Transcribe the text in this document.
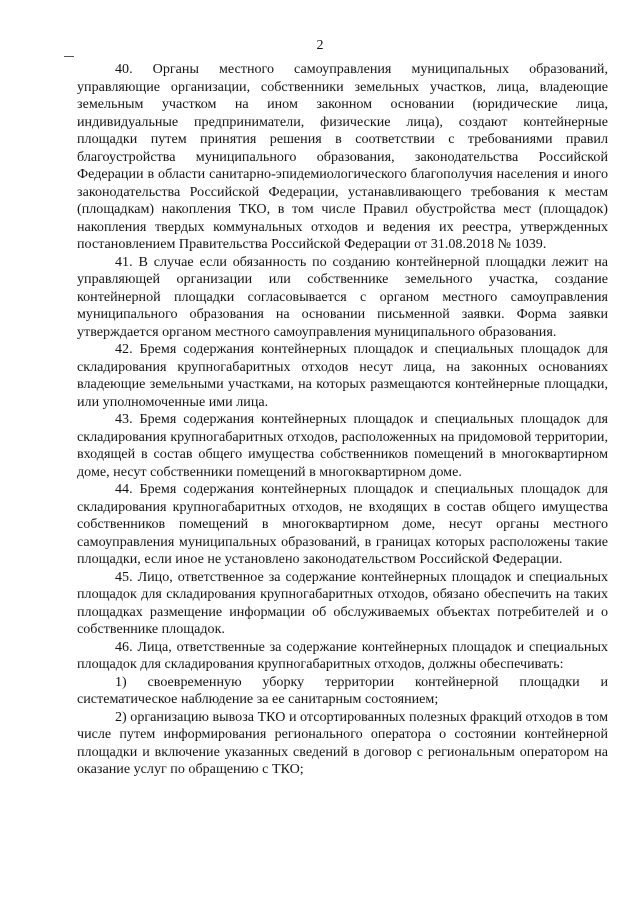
2

40. Органы местного самоуправления муниципальных образований, управляющие организации, собственники земельных участков, лица, владеющие земельным участком на ином законном основании (юридические лица, индивидуальные предприниматели, физические лица), создают контейнерные площадки путем принятия решения в соответствии с требованиями правил благоустройства муниципального образования, законодательства Российской Федерации в области санитарно-эпидемиологического благополучия населения и иного законодательства Российской Федерации, устанавливающего требования к местам (площадкам) накопления ТКО, в том числе Правил обустройства мест (площадок) накопления твердых коммунальных отходов и ведения их реестра, утвержденных постановлением Правительства Российской Федерации от 31.08.2018 № 1039.

41. В случае если обязанность по созданию контейнерной площадки лежит на управляющей организации или собственнике земельного участка, создание контейнерной площадки согласовывается с органом местного самоуправления муниципального образования на основании письменной заявки. Форма заявки утверждается органом местного самоуправления муниципального образования.

42. Бремя содержания контейнерных площадок и специальных площадок для складирования крупногабаритных отходов несут лица, на законных основаниях владеющие земельными участками, на которых размещаются контейнерные площадки, или уполномоченные ими лица.

43. Бремя содержания контейнерных площадок и специальных площадок для складирования крупногабаритных отходов, расположенных на придомовой территории, входящей в состав общего имущества собственников помещений в многоквартирном доме, несут собственники помещений в многоквартирном доме.

44. Бремя содержания контейнерных площадок и специальных площадок для складирования крупногабаритных отходов, не входящих в состав общего имущества собственников помещений в многоквартирном доме, несут органы местного самоуправления муниципальных образований, в границах которых расположены такие площадки, если иное не установлено законодательством Российской Федерации.

45. Лицо, ответственное за содержание контейнерных площадок и специальных площадок для складирования крупногабаритных отходов, обязано обеспечить на таких площадках размещение информации об обслуживаемых объектах потребителей и о собственнике площадок.

46. Лица, ответственные за содержание контейнерных площадок и специальных площадок для складирования крупногабаритных отходов, должны обеспечивать:

1) своевременную уборку территории контейнерной площадки и систематическое наблюдение за ее санитарным состоянием;

2) организацию вывоза ТКО и отсортированных полезных фракций отходов в том числе путем информирования регионального оператора о состоянии контейнерной площадки и включение указанных сведений в договор с региональным оператором на оказание услуг по обращению с ТКО;
